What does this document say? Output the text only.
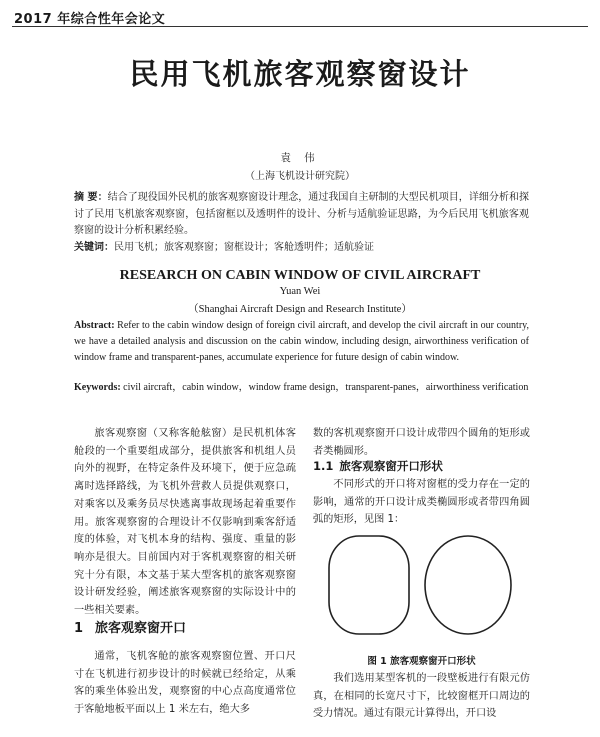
2017 年综合性年会论文
民用飞机旅客观察窗设计
袁 伟
（上海飞机设计研究院）
摘 要：结合了现役国外民机的旅客观察窗设计理念，通过我国自主研制的大型民机项目，详细分析和探讨了民用飞机旅客观察窗，包括窗框以及透明件的设计、分析与适航验证思路，为今后民用飞机旅客观察窗的设计分析积累经验。
关键词：民用飞机；旅客观察窗；窗框设计；客舱透明件；适航验证
RESEARCH ON CABIN WINDOW OF CIVIL AIRCRAFT
Yuan Wei
（Shanghai Aircraft Design and Research Institute）
Abstract: Refer to the cabin window design of foreign civil aircraft, and develop the civil aircraft in our country, we have a detailed analysis and discussion on the cabin window, including design, airworthiness verification of window frame and transparent-panes, accumulate experience for future design of cabin window.
Keywords: civil aircraft，cabin window，window frame design，transparent-panes，airworthiness verification
旅客观察窗（又称客舱舷窗）是民机机体客舱段的一个重要组成部分，提供旅客和机组人员向外的视野，在特定条件及环境下，便于应急疏离时选择路线，为飞机外营救人员提供观察口，对乘客以及乘务员尽快逃离事故现场起着重要作用。旅客观察窗的合理设计不仅影响到乘客舒适度的体验，对飞机本身的结构、强度、重量的影响亦是很大。目前国内对于客机观察窗的相关研究十分有限，本文基于某大型客机的旅客观察窗设计研发经验，阐述旅客观察窗的实际设计中的一些相关要素。
1 旅客观察窗开口
通常，飞机客舱的旅客观察窗位置、开口尺寸在飞机进行初步设计的时候就已经给定，从乘客的乘坐体验出发，观察窗的中心点高度通常位于客舱地板平面以上 1 米左右，绝大多
数的客机观察窗开口设计成带四个圆角的矩形或者类椭圆形。
1.1 旅客观察窗开口形状
不同形式的开口将对窗框的受力存在一定的影响，通常的开口设计成类椭圆形或者带四角圆弧的矩形，见图 1：
图 1 旅客观察窗开口形状
我们选用某型客机的一段壁板进行有限元仿真，在相同的长宽尺寸下，比较窗框开口周边的受力情况。通过有限元计算得出，开口设
